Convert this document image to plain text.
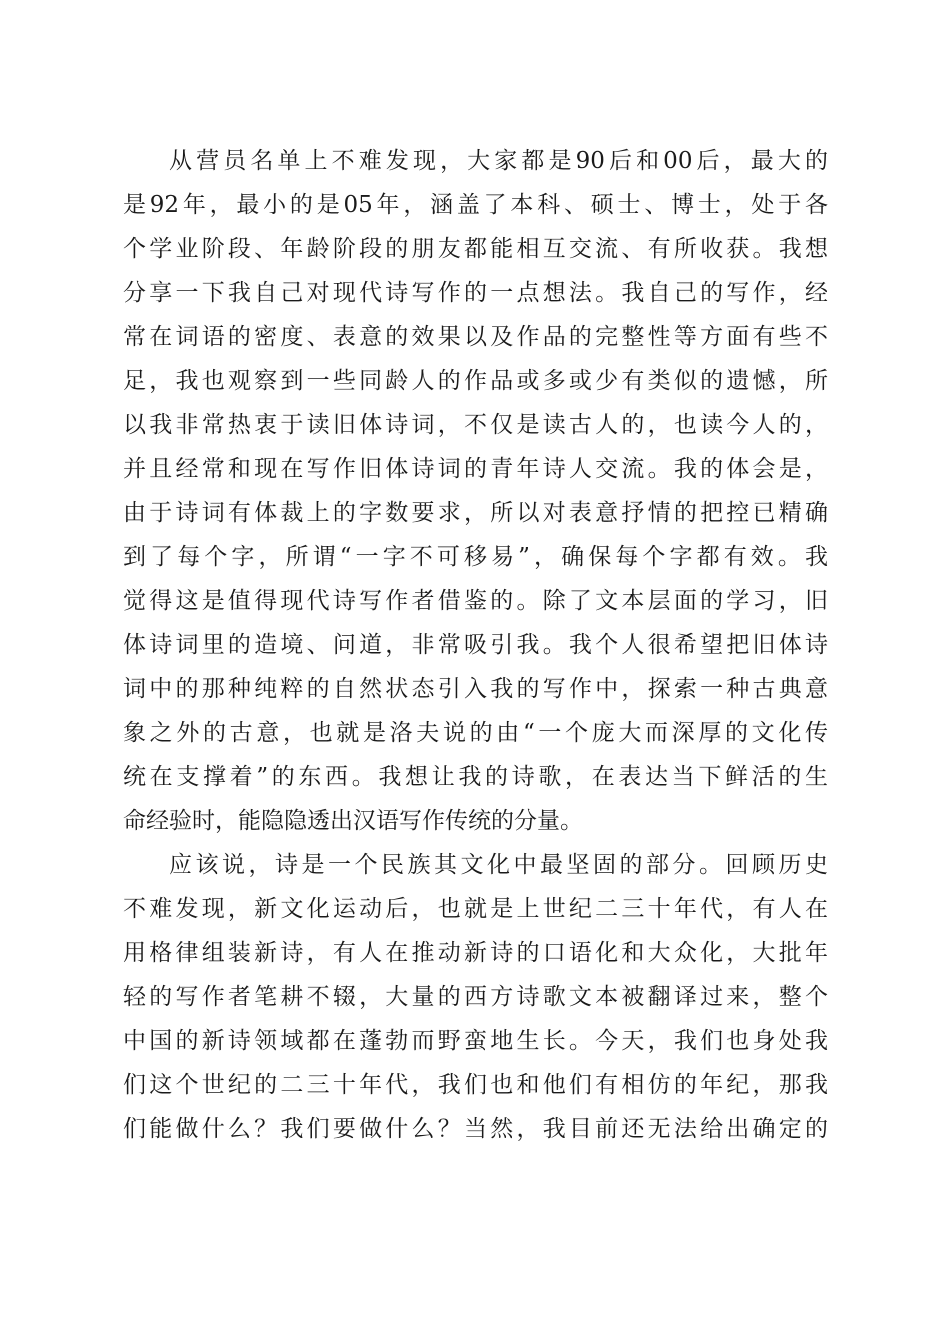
从营员名单上不难发现，大家都是90后和00后，最大的
是92年，最小的是05年，涵盖了本科、硕士、博士，处于各
个学业阶段、年龄阶段的朋友都能相互交流、有所收获。我想
分享一下我自己对现代诗写作的一点想法。我自己的写作，经
常在词语的密度、表意的效果以及作品的完整性等方面有些不
足，我也观察到一些同龄人的作品或多或少有类似的遗憾，所
以我非常热衷于读旧体诗词，不仅是读古人的，也读今人的，
并且经常和现在写作旧体诗词的青年诗人交流。我的体会是，
由于诗词有体裁上的字数要求，所以对表意抒情的把控已精确
到了每个字，所谓“一字不可移易”，确保每个字都有效。我
觉得这是值得现代诗写作者借鉴的。除了文本层面的学习，旧
体诗词里的造境、问道，非常吸引我。我个人很希望把旧体诗
词中的那种纯粹的自然状态引入我的写作中，探索一种古典意
象之外的古意，也就是洛夫说的由“一个庞大而深厚的文化传
统在支撑着”的东西。我想让我的诗歌，在表达当下鲜活的生
命经验时，能隐隐透出汉语写作传统的分量。
应该说，诗是一个民族其文化中最坚固的部分。回顾历史
不难发现，新文化运动后，也就是上世纪二三十年代，有人在
用格律组装新诗，有人在推动新诗的口语化和大众化，大批年
轻的写作者笔耕不辍，大量的西方诗歌文本被翻译过来，整个
中国的新诗领域都在蓬勃而野蛮地生长。今天，我们也身处我
们这个世纪的二三十年代，我们也和他们有相仿的年纪，那我
们能做什么？我们要做什么？当然，我目前还无法给出确定的
